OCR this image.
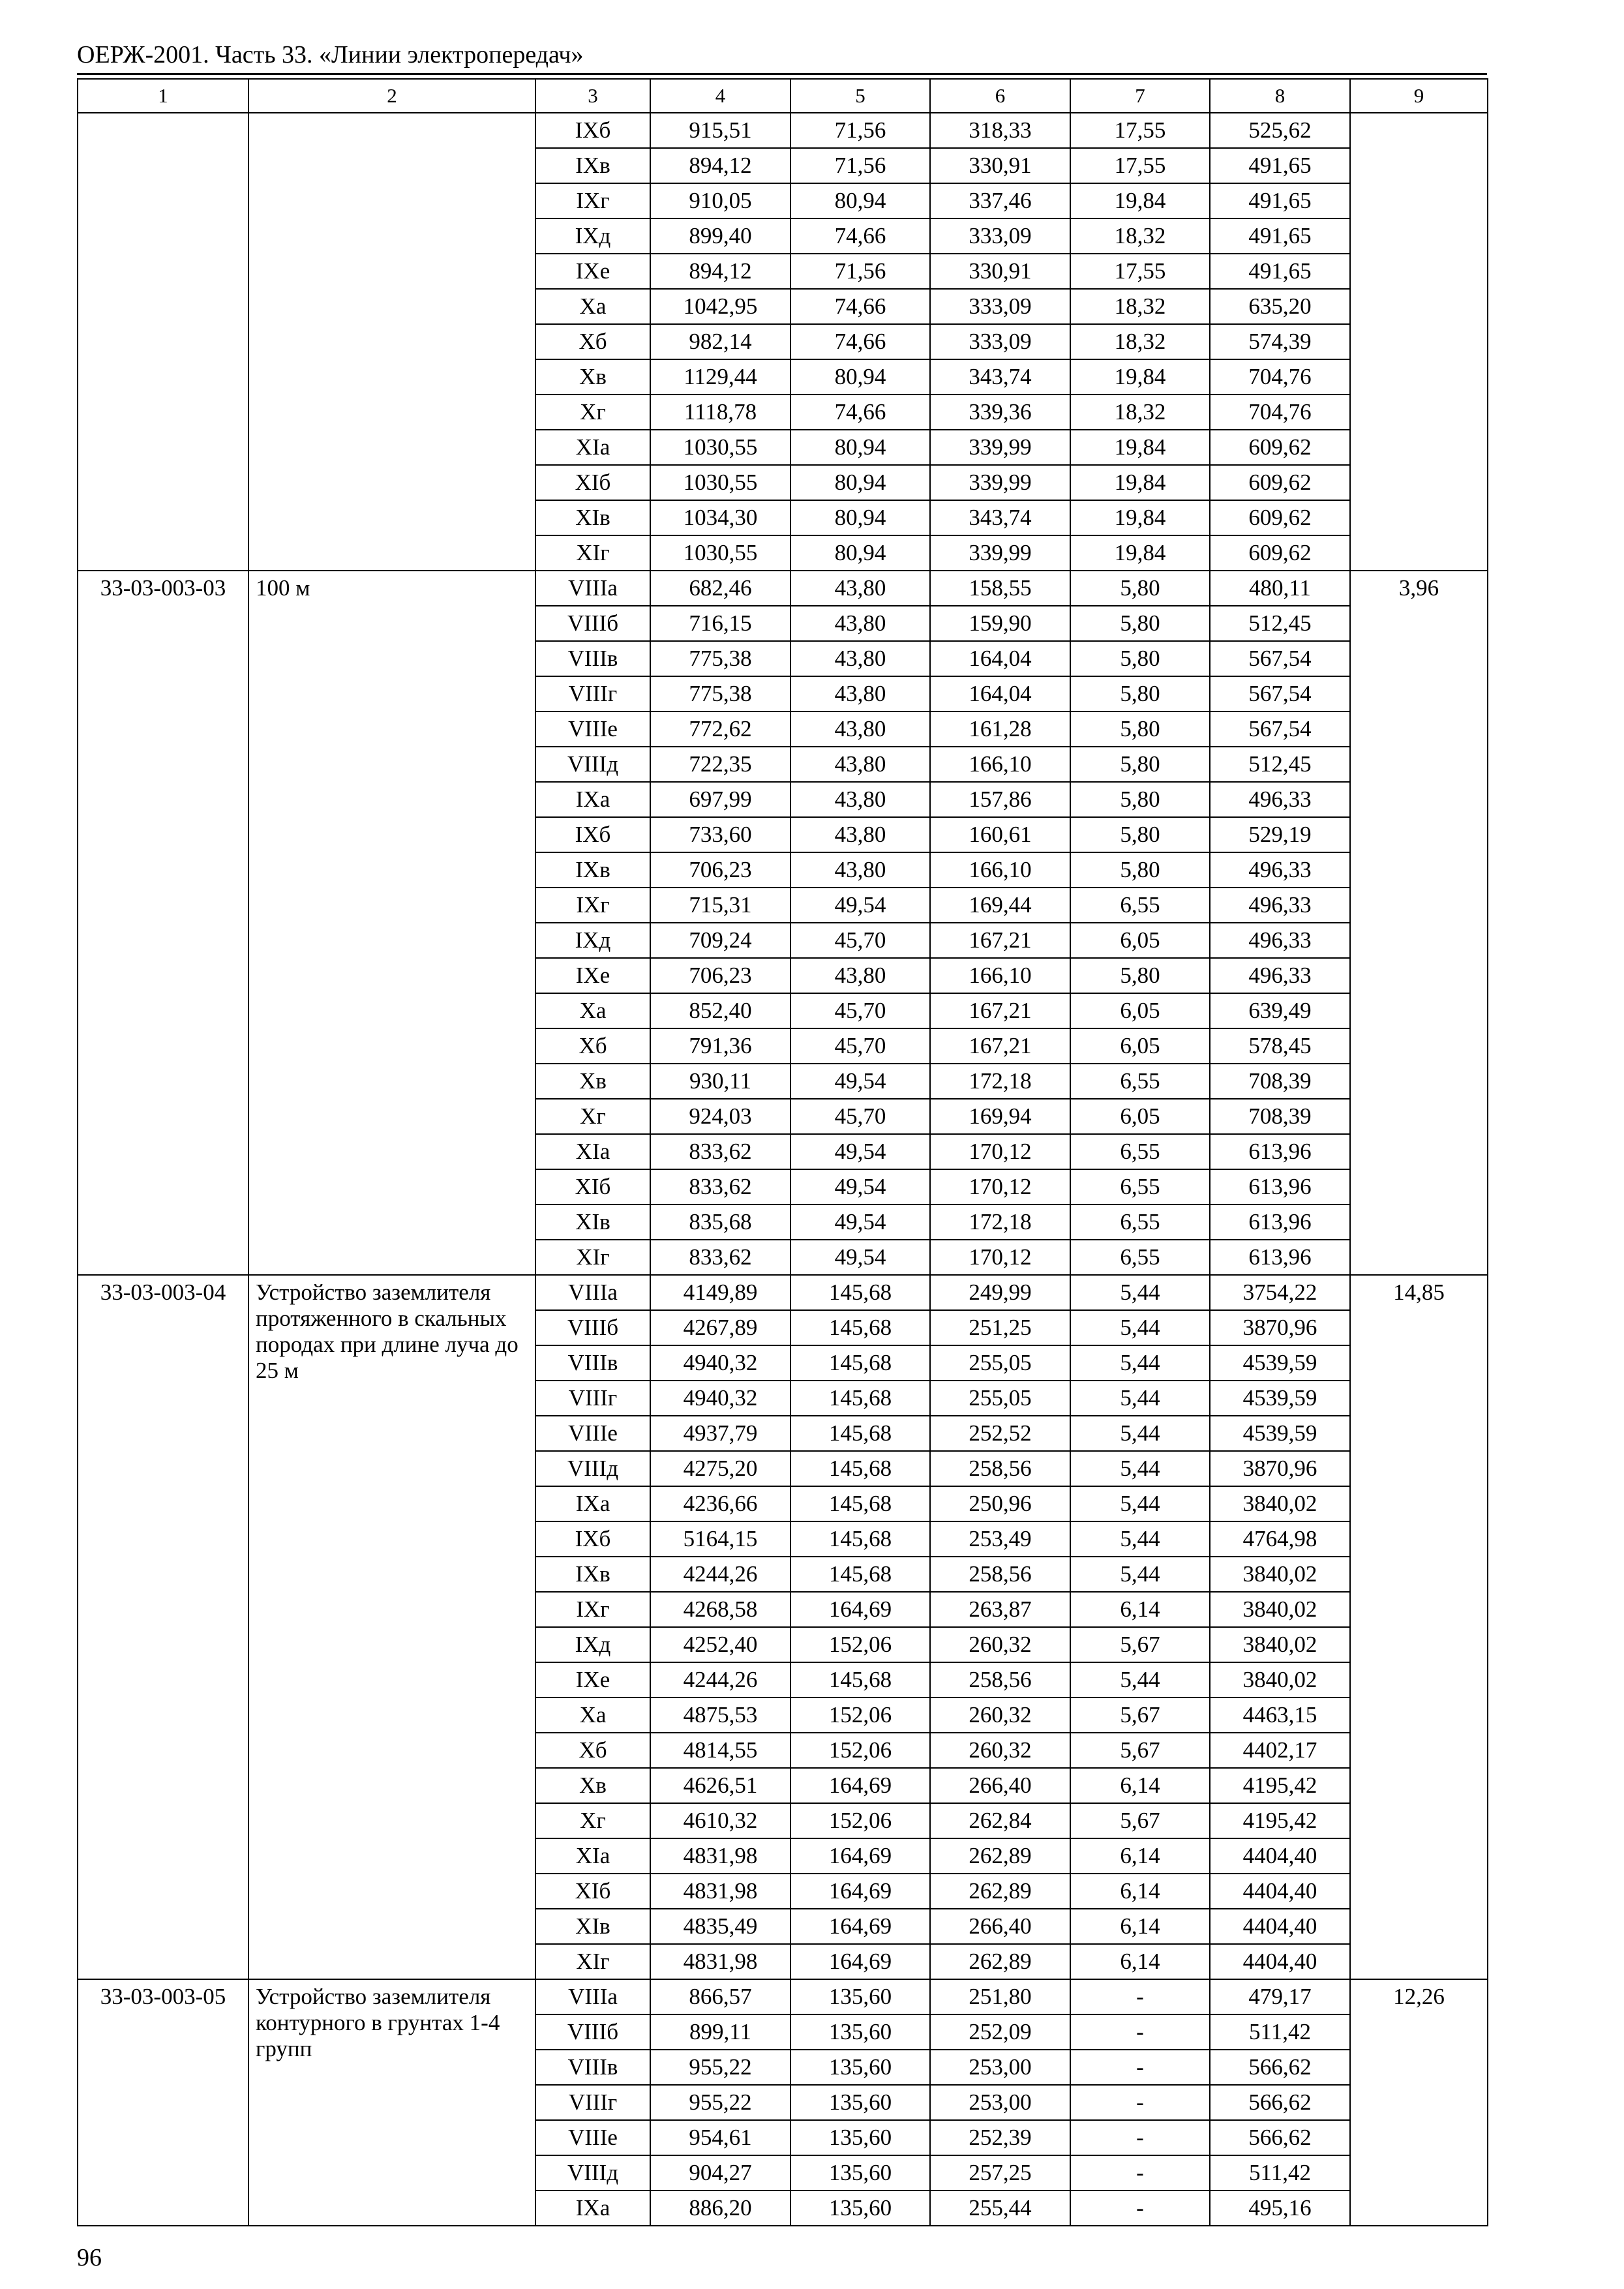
ОЕРЖ-2001. Часть 33. «Линии электропередач»
1	2	3	4	5	6	7	8	9
		IXб	915,51	71,56	318,33	17,55	525,62	
		IXв	894,12	71,56	330,91	17,55	491,65	
		IXг	910,05	80,94	337,46	19,84	491,65	
		IXд	899,40	74,66	333,09	18,32	491,65	
		IXе	894,12	71,56	330,91	17,55	491,65	
		Xа	1042,95	74,66	333,09	18,32	635,20	
		Xб	982,14	74,66	333,09	18,32	574,39	
		Xв	1129,44	80,94	343,74	19,84	704,76	
		Xг	1118,78	74,66	339,36	18,32	704,76	
		XIа	1030,55	80,94	339,99	19,84	609,62	
		XIб	1030,55	80,94	339,99	19,84	609,62	
		XIв	1034,30	80,94	343,74	19,84	609,62	
		XIг	1030,55	80,94	339,99	19,84	609,62	
33-03-003-03	100 м	VIIIа	682,46	43,80	158,55	5,80	480,11	3,96
		VIIIб	716,15	43,80	159,90	5,80	512,45	
		VIIIв	775,38	43,80	164,04	5,80	567,54	
		VIIIг	775,38	43,80	164,04	5,80	567,54	
		VIIIе	772,62	43,80	161,28	5,80	567,54	
		VIIIд	722,35	43,80	166,10	5,80	512,45	
		IXа	697,99	43,80	157,86	5,80	496,33	
		IXб	733,60	43,80	160,61	5,80	529,19	
		IXв	706,23	43,80	166,10	5,80	496,33	
		IXг	715,31	49,54	169,44	6,55	496,33	
		IXд	709,24	45,70	167,21	6,05	496,33	
		IXе	706,23	43,80	166,10	5,80	496,33	
		Xа	852,40	45,70	167,21	6,05	639,49	
		Xб	791,36	45,70	167,21	6,05	578,45	
		Xв	930,11	49,54	172,18	6,55	708,39	
		Xг	924,03	45,70	169,94	6,05	708,39	
		XIа	833,62	49,54	170,12	6,55	613,96	
		XIб	833,62	49,54	170,12	6,55	613,96	
		XIв	835,68	49,54	172,18	6,55	613,96	
		XIг	833,62	49,54	170,12	6,55	613,96	
33-03-003-04	Устройство заземлителя протяженного в скальных породах при длине луча до 25 м	VIIIа	4149,89	145,68	249,99	5,44	3754,22	14,85
		VIIIб	4267,89	145,68	251,25	5,44	3870,96	
		VIIIв	4940,32	145,68	255,05	5,44	4539,59	
		VIIIг	4940,32	145,68	255,05	5,44	4539,59	
		VIIIе	4937,79	145,68	252,52	5,44	4539,59	
		VIIIд	4275,20	145,68	258,56	5,44	3870,96	
		IXа	4236,66	145,68	250,96	5,44	3840,02	
		IXб	5164,15	145,68	253,49	5,44	4764,98	
		IXв	4244,26	145,68	258,56	5,44	3840,02	
		IXг	4268,58	164,69	263,87	6,14	3840,02	
		IXд	4252,40	152,06	260,32	5,67	3840,02	
		IXе	4244,26	145,68	258,56	5,44	3840,02	
		Xа	4875,53	152,06	260,32	5,67	4463,15	
		Xб	4814,55	152,06	260,32	5,67	4402,17	
		Xв	4626,51	164,69	266,40	6,14	4195,42	
		Xг	4610,32	152,06	262,84	5,67	4195,42	
		XIа	4831,98	164,69	262,89	6,14	4404,40	
		XIб	4831,98	164,69	262,89	6,14	4404,40	
		XIв	4835,49	164,69	266,40	6,14	4404,40	
		XIг	4831,98	164,69	262,89	6,14	4404,40	
33-03-003-05	Устройство заземлителя контурного в грунтах 1-4 групп	VIIIа	866,57	135,60	251,80	-	479,17	12,26
		VIIIб	899,11	135,60	252,09	-	511,42	
		VIIIв	955,22	135,60	253,00	-	566,62	
		VIIIг	955,22	135,60	253,00	-	566,62	
		VIIIе	954,61	135,60	252,39	-	566,62	
		VIIIд	904,27	135,60	257,25	-	511,42	
		IXа	886,20	135,60	255,44	-	495,16	
96
